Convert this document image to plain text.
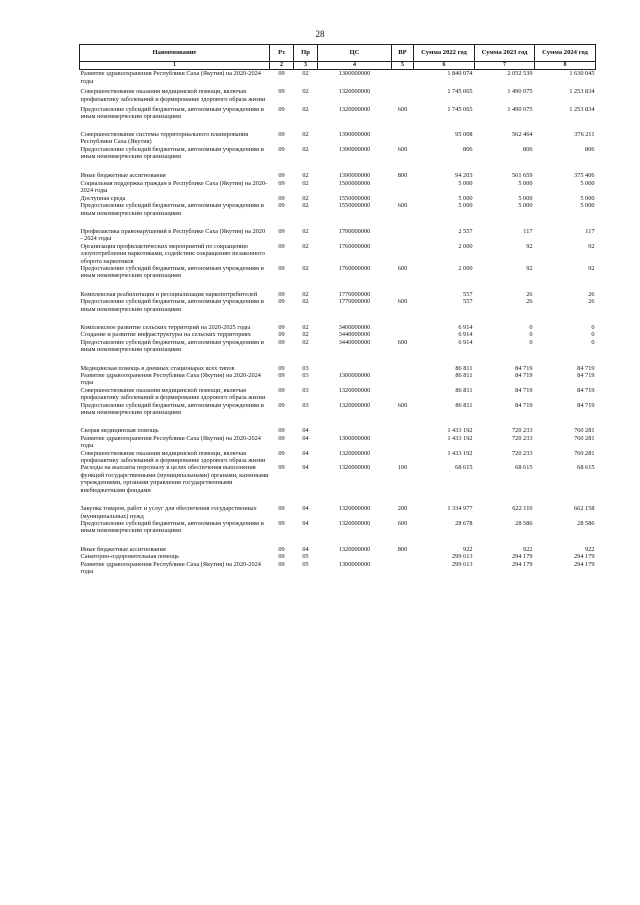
28
Наименование	Рз	Пр	ЦС	ВР	Сумма 2022 год	Сумма 2023 год	Сумма 2024 год
1	2	3	4	5	6	7	8
Развитие здравоохранения Республики Саха (Якутия) на 2020-2024 годы	09	02	1300000000		1 840 074	2 052 539	1 630 045
Совершенствование оказания медицинской помощи, включая профилактику заболеваний и формирование здорового образа жизни	09	02	1320000000		1 745 065	1 490 075	1 253 834
Предоставление субсидий бюджетным, автономным учреждениям и иным некоммерческим организациям	09	02	1320000000	600	1 745 065	1 490 075	1 253 834
Совершенствование системы территориального планирования Республики Саха (Якутия)	09	02	1390000000		95 008	562 464	376 211
Предоставление субсидий бюджетным, автономным учреждениям и иным некоммерческим организациям	09	02	1390000000	600	806	806	806
Иные бюджетные ассигнования	09	02	1390000000	800	94 203	561 659	375 406
Социальная поддержка граждан в Республике Саха (Якутия) на 2020-2024 годы	09	02	1500000000		5 000	5 000	5 000
Доступная среда	09	02	1550000000		5 000	5 000	5 000
Предоставление субсидий бюджетным, автономным учреждениям и иным некоммерческим организациям	09	02	1550000000	600	5 000	5 000	5 000
Профилактика правонарушений в Республике Саха (Якутия) на 2020 - 2024 годы	09	02	1700000000		2 557	117	117
Организация профилактических мероприятий по сокращению злоупотребления наркотиками, содействие сокращению незаконного оборота наркотиков	09	02	1760000000		2 000	92	92
Предоставление субсидий бюджетным, автономным учреждениям и иным некоммерческим организациям	09	02	1760000000	600	2 000	92	92
Комплексная реабилитация и ресоциализация наркопотребителей	09	02	1770000000		557	26	26
Предоставление субсидий бюджетным, автономным учреждениям и иным некоммерческим организациям	09	02	1770000000	600	557	26	26
Комплексное развитие сельских территорий на 2020-2025 годы	09	02	3400000000		6 914	0	0
Создание и развитие инфраструктуры на сельских территориях	09	02	3440000000		6 914	0	0
Предоставление субсидий бюджетным, автономным учреждениям и иным некоммерческим организациям	09	02	3440000000	600	6 914	0	0
Медицинская помощь в дневных стационарах всех типов	09	03			86 811	84 719	84 719
Развитие здравоохранения Республики Саха (Якутия) на 2020-2024 годы	09	03	1300000000		86 811	84 719	84 719
Совершенствование оказания медицинской помощи, включая профилактику заболеваний и формирование здорового образа жизни	09	03	1320000000		86 811	84 719	84 719
Предоставление субсидий бюджетным, автономным учреждениям и иным некоммерческим организациям	09	03	1320000000	600	86 811	84 719	84 719
Скорая медицинская помощь	09	04			1 433 192	720 233	760 281
Развитие здравоохранения Республики Саха (Якутия) на 2020-2024 годы	09	04	1300000000		1 433 192	720 233	760 281
Совершенствование оказания медицинской помощи, включая профилактику заболеваний и формирование здорового образа жизни	09	04	1320000000		1 433 192	720 233	760 281
Расходы на выплаты персоналу в целях обеспечения выполнения функций государственными (муниципальными) органами, казенными учреждениями, органами управления государственными внебюджетными фондами	09	04	1320000000	100	68 615	68 615	68 615
Закупка товаров, работ и услуг для обеспечения государственных (муниципальных) нужд	09	04	1320000000	200	1 334 977	622 110	662 158
Предоставление субсидий бюджетным, автономным учреждениям и иным некоммерческим организациям	09	04	1320000000	600	28 678	28 586	28 586
Иные бюджетные ассигнования	09	04	1320000000	800	922	922	922
Санаторно-оздоровительная помощь	09	05			299 613	294 179	294 179
Развитие здравоохранения Республики Саха (Якутия) на 2020-2024 годы	09	05	1300000000		299 613	294 179	294 179
